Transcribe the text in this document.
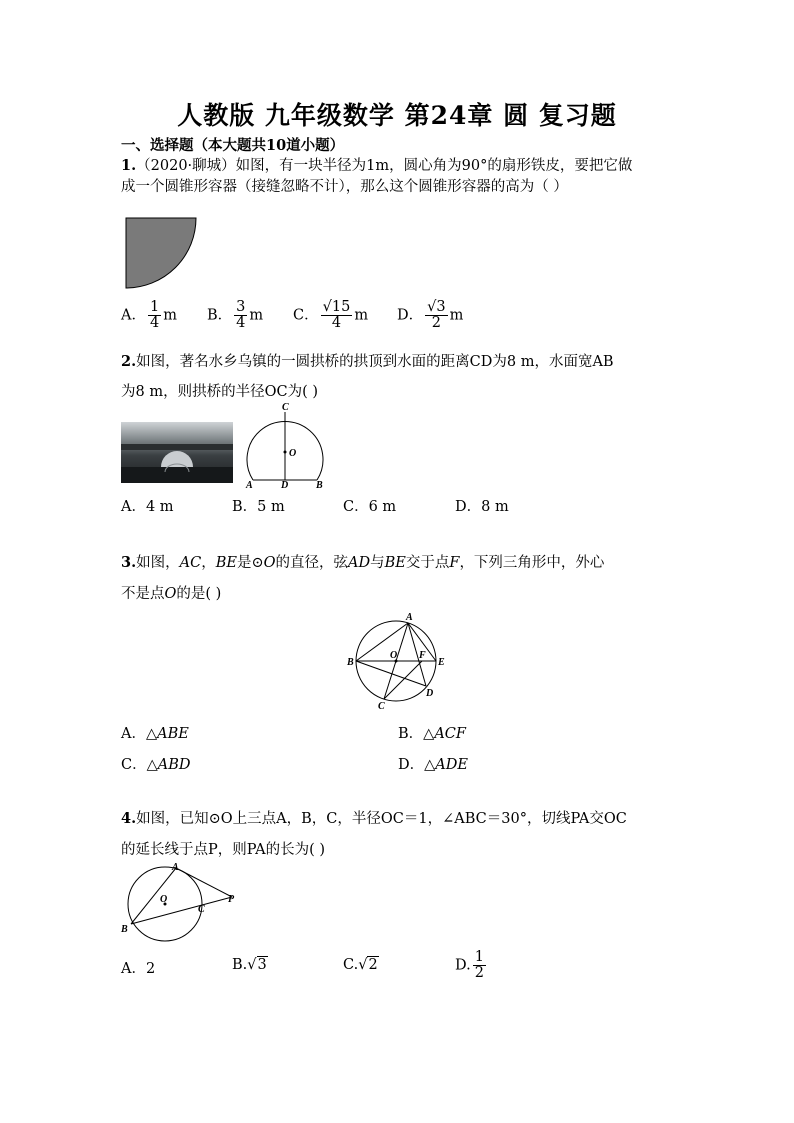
人教版 九年级数学 第24章 圆 复习题
一、选择题（本大题共10道小题）
1.（2020·聊城）如图，有一块半径为1m，圆心角为90°的扇形铁皮，要把它做
成一个圆锥形容器（接缝忽略不计），那么这个圆锥形容器的高为（ ）
A． $\frac{1}{4}$ m B． $\frac{3}{4}$ m C． $\frac{√15}{4}$ m D． $\frac{√3}{2}$ m
2.如图，著名水乡乌镇的一圆拱桥的拱顶到水面的距离CD为8 m，水面宽AB
为8 m，则拱桥的半径OC为( )
C
O
A	D	B
A．4 m	B．5 m	C．6 m	D．8 m
3.如图，AC，BE是⊙O的直径，弦AD与BE交于点F，下列三角形中，外心
不是点O的是( )
A
B
O F
E
D
C
A．△ABE	B．△ACF
C．△ABD	D．△ADE
4.如图，已知⊙O上三点A，B，C，半径OC＝1，∠ABC＝30°，切线PA交OC
的延长线于点P，则PA的长为( )
A
O
C
P
B
A．2	B.√3	C.√2	D. $\frac{1}{2}$
